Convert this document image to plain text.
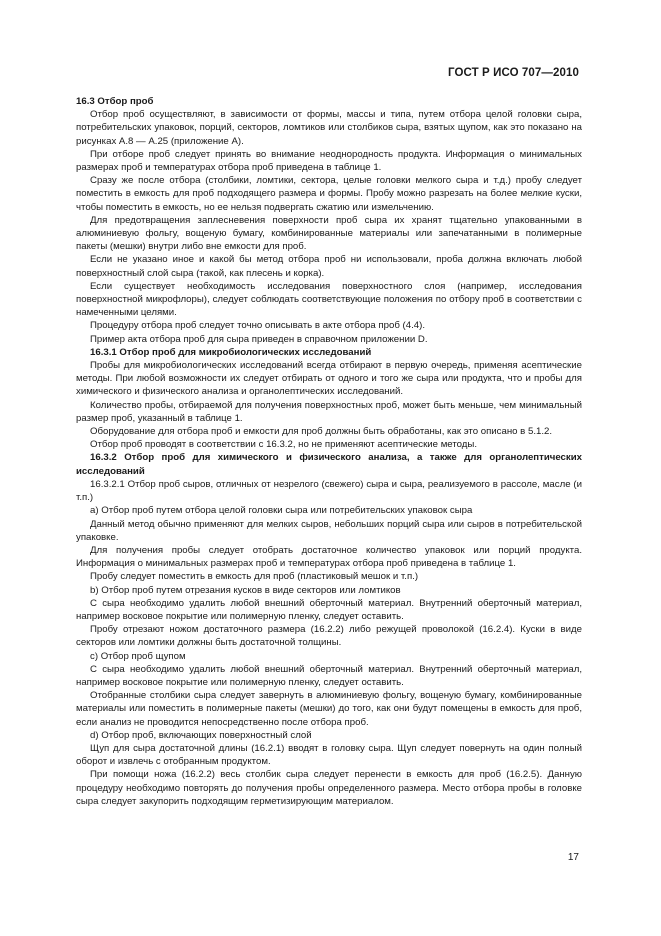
ГОСТ Р ИСО 707—2010

16.3 Отбор проб

Отбор проб осуществляют, в зависимости от формы, массы и типа, путем отбора целой головки сыра, потребительских упаковок, порций, секторов, ломтиков или столбиков сыра, взятых щупом, как это показано на рисунках А.8 — А.25 (приложение А).

При отборе проб следует принять во внимание неоднородность продукта. Информация о минимальных размерах проб и температурах отбора проб приведена в таблице 1.

Сразу же после отбора (столбики, ломтики, сектора, целые головки мелкого сыра и т.д.) пробу следует поместить в емкость для проб подходящего размера и формы. Пробу можно разрезать на более мелкие куски, чтобы поместить в емкость, но ее нельзя подвергать сжатию или измельчению.

Для предотвращения заплесневения поверхности проб сыра их хранят тщательно упакованными в алюминиевую фольгу, вощеную бумагу, комбинированные материалы или запечатанными в полимерные пакеты (мешки) внутри либо вне емкости для проб.

Если не указано иное и какой бы метод отбора проб ни использовали, проба должна включать любой поверхностный слой сыра (такой, как плесень и корка).

Если существует необходимость исследования поверхностного слоя (например, исследования поверхностной микрофлоры), следует соблюдать соответствующие положения по отбору проб в соответствии с намеченными целями.

Процедуру отбора проб следует точно описывать в акте отбора проб (4.4).

Пример акта отбора проб для сыра приведен в справочном приложении D.

16.3.1 Отбор проб для микробиологических исследований

Пробы для микробиологических исследований всегда отбирают в первую очередь, применяя асептические методы. При любой возможности их следует отбирать от одного и того же сыра или продукта, что и пробы для химического и физического анализа и органолептических исследований.

Количество пробы, отбираемой для получения поверхностных проб, может быть меньше, чем минимальный размер проб, указанный в таблице 1.

Оборудование для отбора проб и емкости для проб должны быть обработаны, как это описано в 5.1.2.

Отбор проб проводят в соответствии с 16.3.2, но не применяют асептические методы.

16.3.2 Отбор проб для химического и физического анализа, а также для органолептических исследований

16.3.2.1 Отбор проб сыров, отличных от незрелого (свежего) сыра и сыра, реализуемого в рассоле, масле (и т.п.)

а) Отбор проб путем отбора целой головки сыра или потребительских упаковок сыра

Данный метод обычно применяют для мелких сыров, небольших порций сыра или сыров в потребительской упаковке.

Для получения пробы следует отобрать достаточное количество упаковок или порций продукта. Информация о минимальных размерах проб и температурах отбора проб приведена в таблице 1.

Пробу следует поместить в емкость для проб (пластиковый мешок и т.п.)

b) Отбор проб путем отрезания кусков в виде секторов или ломтиков

С сыра необходимо удалить любой внешний оберточный материал. Внутренний оберточный материал, например восковое покрытие или полимерную пленку, следует оставить.

Пробу отрезают ножом достаточного размера (16.2.2) либо режущей проволокой (16.2.4). Куски в виде секторов или ломтики должны быть достаточной толщины.

с) Отбор проб щупом

С сыра необходимо удалить любой внешний оберточный материал. Внутренний оберточный материал, например восковое покрытие или полимерную пленку, следует оставить.

Отобранные столбики сыра следует завернуть в алюминиевую фольгу, вощеную бумагу, комбинированные материалы или поместить в полимерные пакеты (мешки) до того, как они будут помещены в емкость для проб, если анализ не проводится непосредственно после отбора проб.

d) Отбор проб, включающих поверхностный слой

Щуп для сыра достаточной длины (16.2.1) вводят в головку сыра. Щуп следует повернуть на один полный оборот и извлечь с отобранным продуктом.

При помощи ножа (16.2.2) весь столбик сыра следует перенести в емкость для проб (16.2.5). Данную процедуру необходимо повторять до получения пробы определенного размера. Место отбора пробы в головке сыра следует закупорить подходящим герметизирующим материалом.

17
